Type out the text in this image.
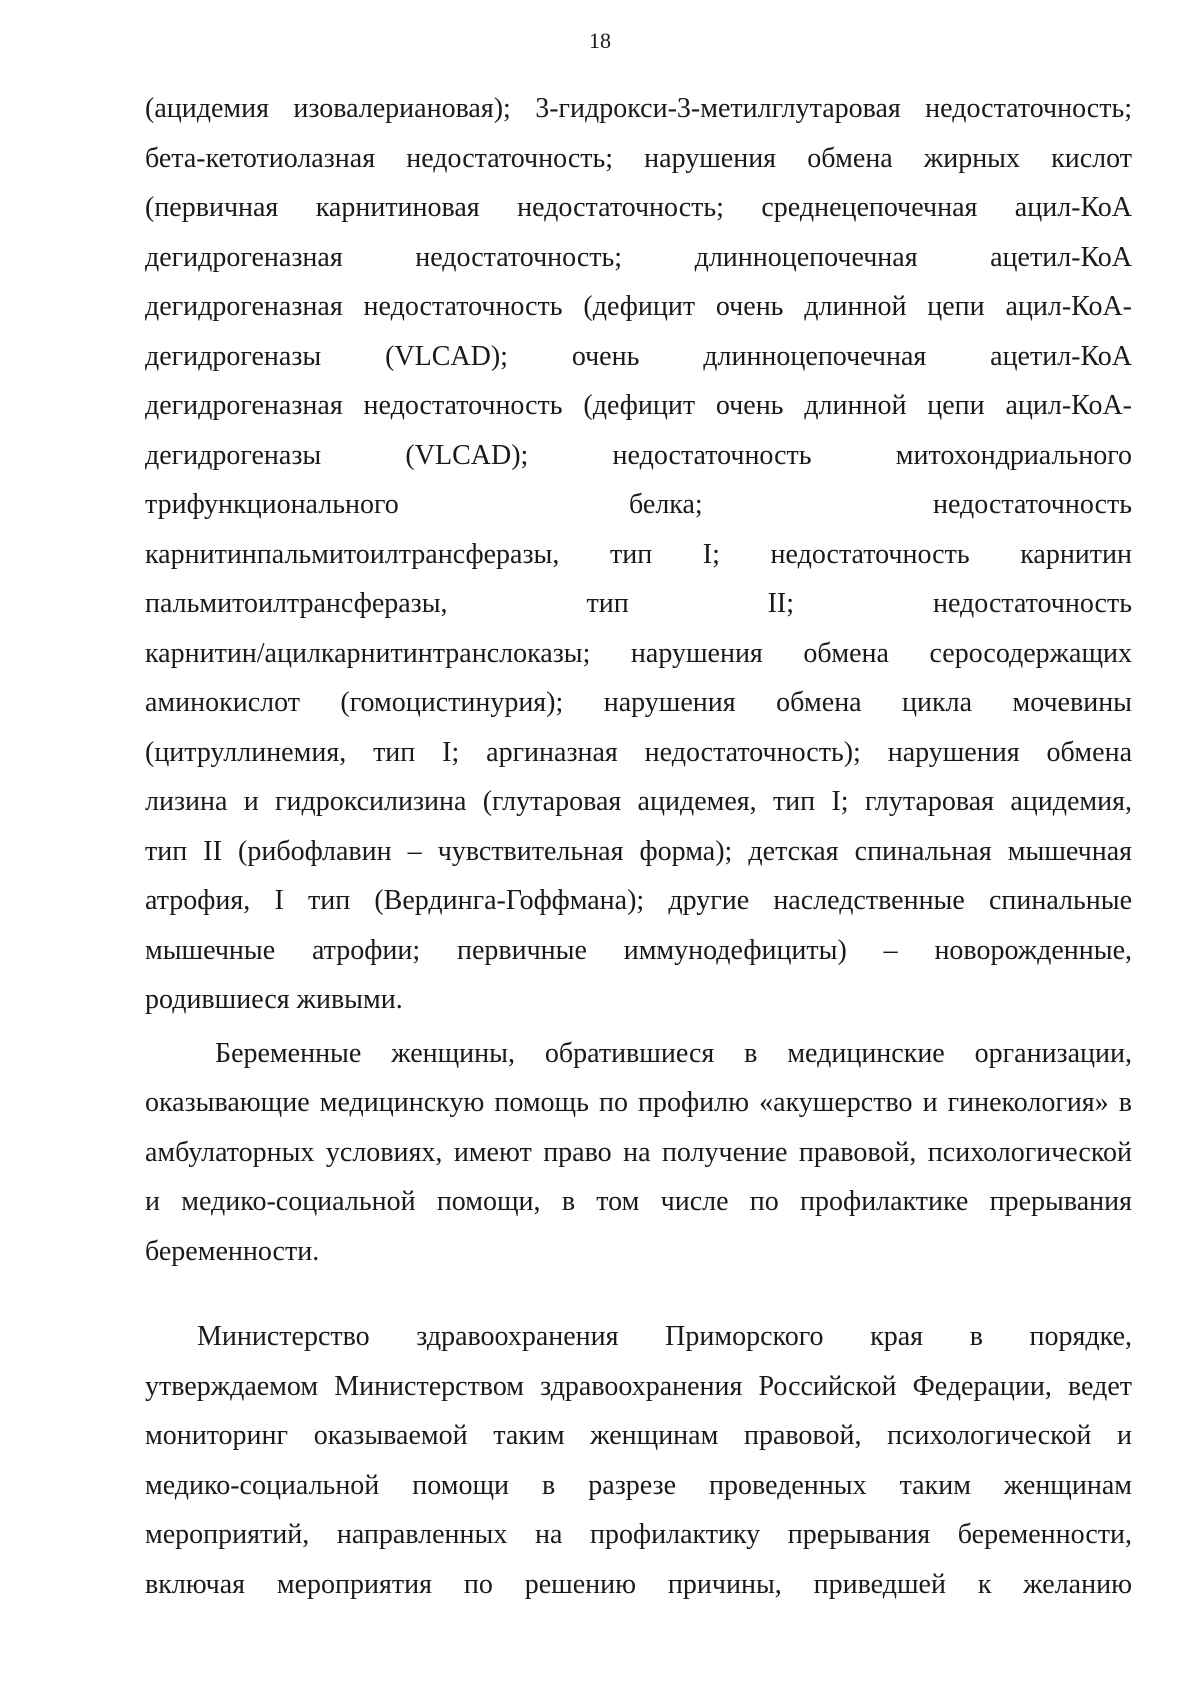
18
(ацидемия изовалериановая); 3-гидрокси-3-метилглутаровая недостаточность;
бета-кетотиолазная недостаточность; нарушения обмена жирных кислот
(первичная карнитиновая недостаточность; среднецепочечная ацил-КоА
дегидрогеназная недостаточность; длинноцепочечная ацетил-КоА
дегидрогеназная недостаточность (дефицит очень длинной цепи ацил-КоА-
дегидрогеназы (VLCAD); очень длинноцепочечная ацетил-КоА
дегидрогеназная недостаточность (дефицит очень длинной цепи ацил-КоА-
дегидрогеназы (VLCAD); недостаточность митохондриального
трифункционального белка; недостаточность
карнитинпальмитоилтрансферазы, тип I; недостаточность карнитин
пальмитоилтрансферазы, тип II; недостаточность
карнитин/ацилкарнитинтранслоказы; нарушения обмена серосодержащих
аминокислот (гомоцистинурия); нарушения обмена цикла мочевины
(цитруллинемия, тип I; аргиназная недостаточность); нарушения обмена
лизина и гидроксилизина (глутаровая ацидемея, тип I; глутаровая ацидемия,
тип II (рибофлавин – чувствительная форма); детская спинальная мышечная
атрофия, I тип (Вердинга-Гоффмана); другие наследственные спинальные
мышечные атрофии; первичные иммунодефициты) – новорожденные,
родившиеся живыми.
Беременные женщины, обратившиеся в медицинские организации,
оказывающие медицинскую помощь по профилю «акушерство и гинекология» в
амбулаторных условиях, имеют право на получение правовой, психологической
и медико-социальной помощи, в том числе по профилактике прерывания
беременности.
Министерство здравоохранения Приморского края в порядке,
утверждаемом Министерством здравоохранения Российской Федерации, ведет
мониторинг оказываемой таким женщинам правовой, психологической и
медико-социальной помощи в разрезе проведенных таким женщинам
мероприятий, направленных на профилактику прерывания беременности,
включая мероприятия по решению причины, приведшей к желанию
